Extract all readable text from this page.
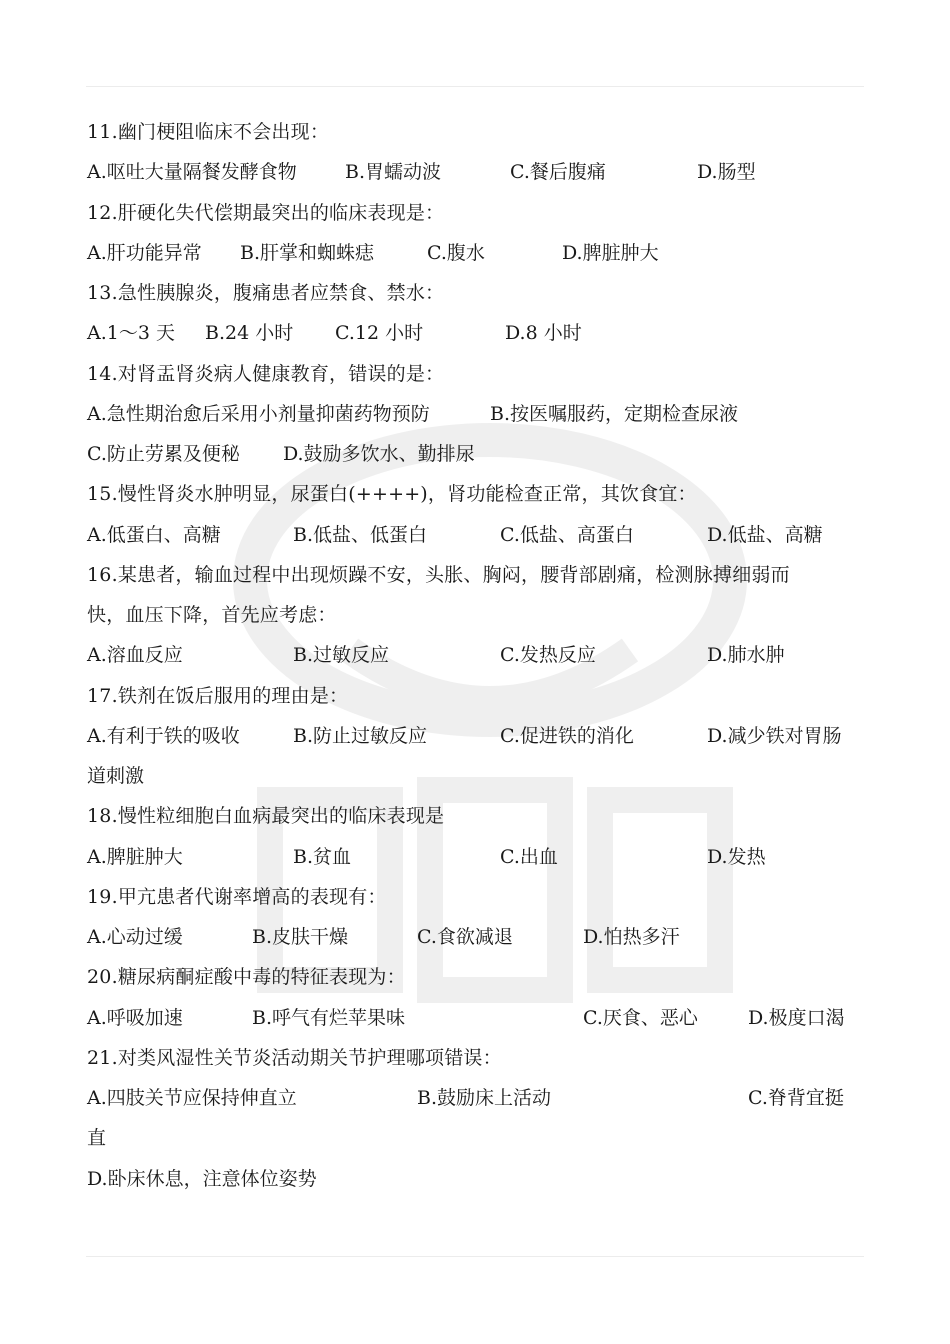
11.幽门梗阻临床不会出现：
A.呕吐大量隔餐发酵食物	B.胃蠕动波	C.餐后腹痛	D.肠型
12.肝硬化失代偿期最突出的临床表现是：
A.肝功能异常 B.肝掌和蜘蛛痣	C.腹水	D.脾脏肿大
13.急性胰腺炎，腹痛患者应禁食、禁水：
A.1～3 天 B.24 小时 C.12 小时	D.8 小时
14.对肾盂肾炎病人健康教育，错误的是：
A.急性期治愈后采用小剂量抑菌药物预防	B.按医嘱服药，定期检查尿液
C.防止劳累及便秘 D.鼓励多饮水、勤排尿
15.慢性肾炎水肿明显，尿蛋白(++++)，肾功能检查正常，其饮食宜：
A.低蛋白、高糖	B.低盐、低蛋白	C.低盐、高蛋白	D.低盐、高糖
16.某患者，输血过程中出现烦躁不安，头胀、胸闷，腰背部剧痛，检测脉搏细弱而
快，血压下降，首先应考虑：
A.溶血反应	B.过敏反应	C.发热反应	D.肺水肿
17.铁剂在饭后服用的理由是：
A.有利于铁的吸收	B.防止过敏反应	C.促进铁的消化	D.减少铁对胃肠
道刺激
18.慢性粒细胞白血病最突出的临床表现是
A.脾脏肿大	B.贫血	C.出血	D.发热
19.甲亢患者代谢率增高的表现有：
A.心动过缓	B.皮肤干燥	C.食欲减退	D.怕热多汗
20.糖尿病酮症酸中毒的特征表现为：
A.呼吸加速	B.呼气有烂苹果味	C.厌食、恶心	D.极度口渴
21.对类风湿性关节炎活动期关节护理哪项错误：
A.四肢关节应保持伸直立	B.鼓励床上活动	C.脊背宜挺
直
D.卧床休息，注意体位姿势
